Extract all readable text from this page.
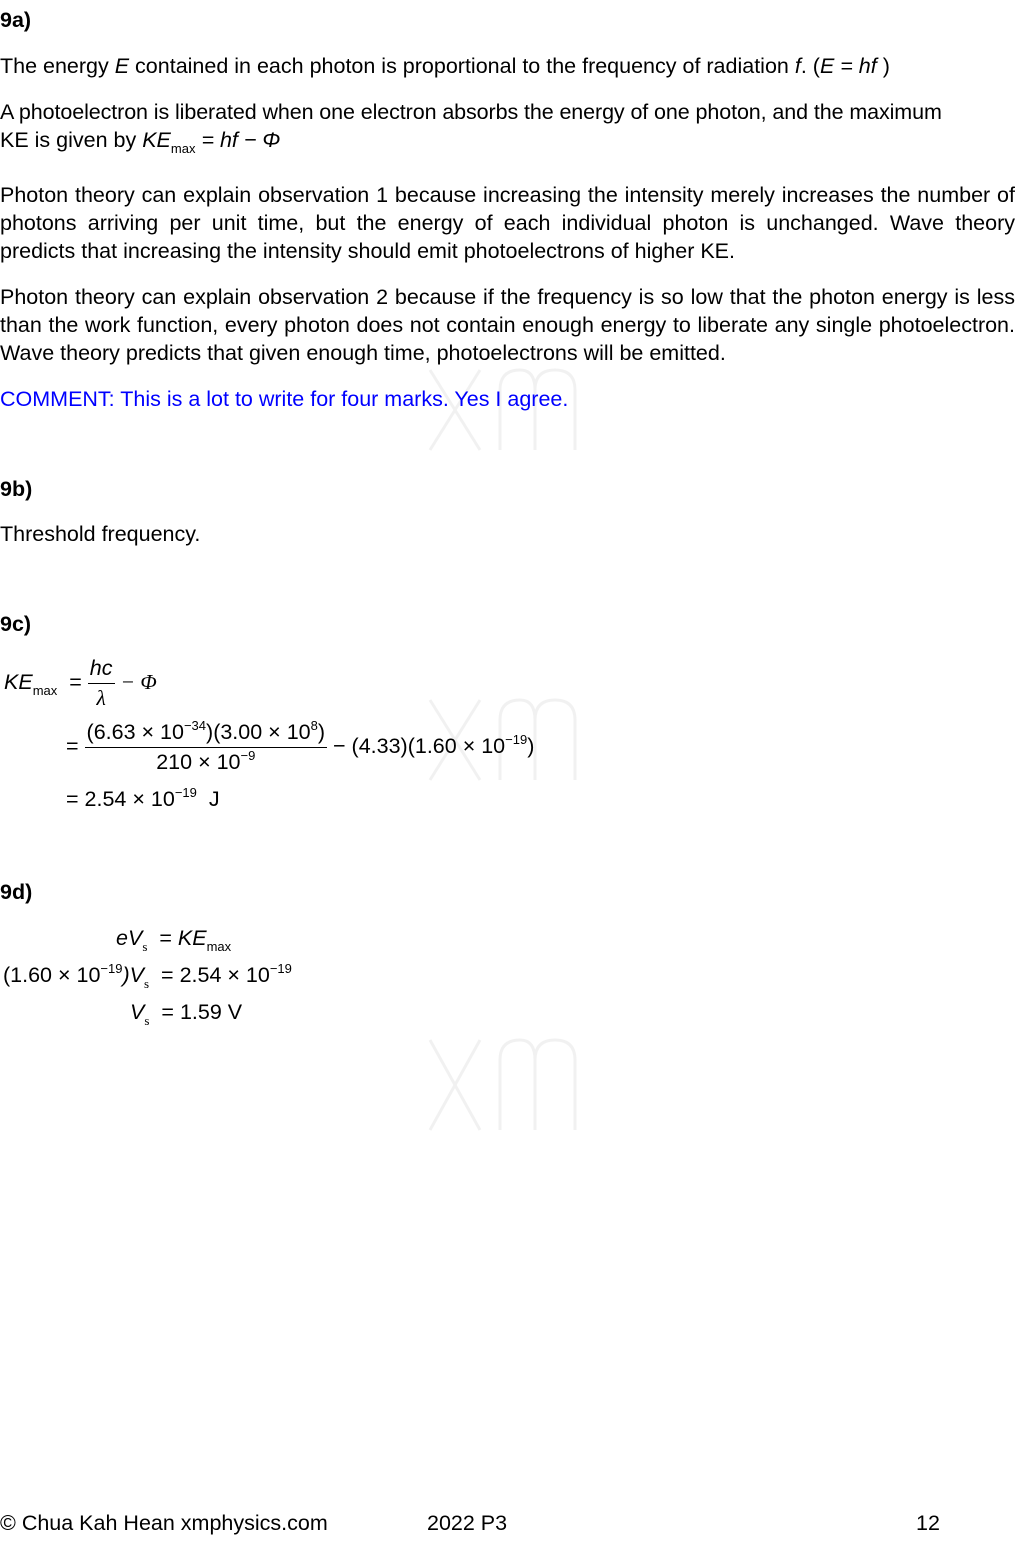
9a)
The energy E contained in each photon is proportional to the frequency of radiation f. (E = hf )
A photoelectron is liberated when one electron absorbs the energy of one photon, and the maximum
KE is given by $KE_{max}$ = hf − Φ
Photon theory can explain observation 1 because increasing the intensity merely increases the number of photons arriving per unit time, but the energy of each individual photon is unchanged. Wave theory predicts that increasing the intensity should emit photoelectrons of higher KE.
Photon theory can explain observation 2 because if the frequency is so low that the photon energy is less than the work function, every photon does not contain enough energy to liberate any single photoelectron. Wave theory predicts that given enough time, photoelectrons will be emitted.
COMMENT: This is a lot to write for four marks. Yes I agree.
9b)
Threshold frequency.
9c)
$KE_{max} = \frac{hc}{\lambda} - \Phi$
= $\frac{(6.63 \times 10^{-34})(3.00 \times 10^8)}{210 \times 10^{-9}} - (4.33)(1.60 \times 10^{-19})$
= $2.54 \times 10^{-19}$ J
9d)
$eV_s = KE_{max}$
$(1.60 \times 10^{-19})V_s = 2.54 \times 10^{-19}$
$V_s = 1.59$ V
© Chua Kah Hean xmphysics.com	2022 P3	12
